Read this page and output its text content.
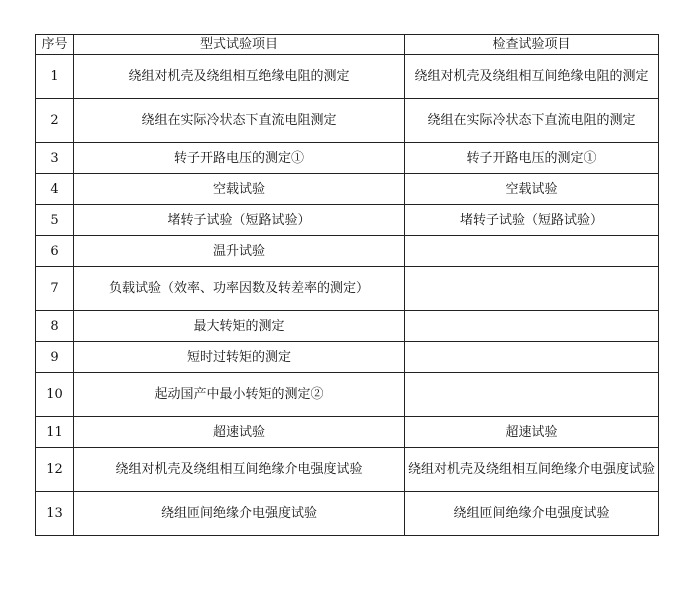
序号	型式试验项目	检查试验项目
1	绕组对机壳及绕组相互绝缘电阻的测定	绕组对机壳及绕组相互间绝缘电阻的测定
2	绕组在实际冷状态下直流电阻测定	绕组在实际冷状态下直流电阻的测定
3	转子开路电压的测定①	转子开路电压的测定①
4	空载试验	空载试验
5	堵转子试验（短路试验）	堵转子试验（短路试验）
6	温升试验	
7	负载试验（效率、功率因数及转差率的测定）	
8	最大转矩的测定	
9	短时过转矩的测定	
10	起动国产中最小转矩的测定②	
11	超速试验	超速试验
12	绕组对机壳及绕组相互间绝缘介电强度试验	绕组对机壳及绕组相互间绝缘介电强度试验
13	绕组匝间绝缘介电强度试验	绕组匝间绝缘介电强度试验
